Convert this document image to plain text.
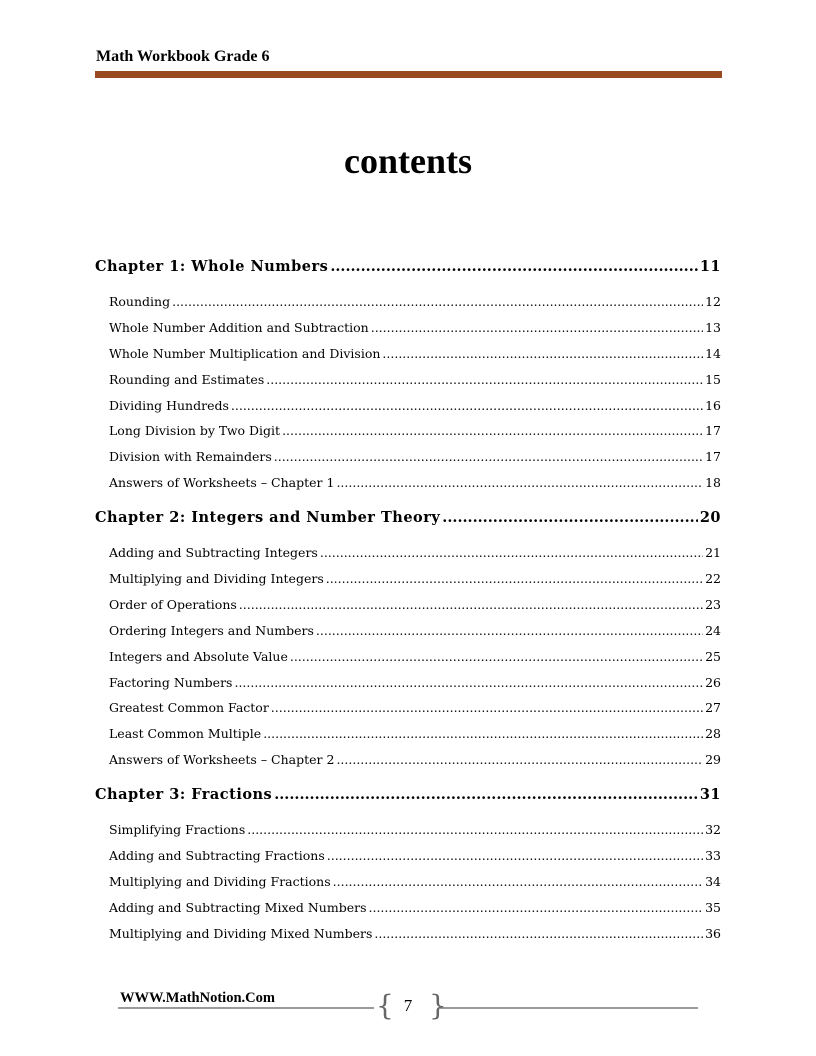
Math Workbook Grade 6
contents
Chapter 1: Whole Numbers .....	11
Rounding .....	12
Whole Number Addition and Subtraction .....	13
Whole Number Multiplication and Division .....	14
Rounding and Estimates .....	15
Dividing Hundreds .....	16
Long Division by Two Digit .....	17
Division with Remainders .....	17
Answers of Worksheets – Chapter 1 .....	18
Chapter 2: Integers and Number Theory .....	20
Adding and Subtracting Integers .....	21
Multiplying and Dividing Integers .....	22
Order of Operations .....	23
Ordering Integers and Numbers .....	24
Integers and Absolute Value .....	25
Factoring Numbers .....	26
Greatest Common Factor .....	27
Least Common Multiple .....	28
Answers of Worksheets – Chapter 2 .....	29
Chapter 3: Fractions .....	31
Simplifying Fractions .....	32
Adding and Subtracting Fractions .....	33
Multiplying and Dividing Fractions .....	34
Adding and Subtracting Mixed Numbers .....	35
Multiplying and Dividing Mixed Numbers .....	36
WWW.MathNotion.Com	{ 7 }
